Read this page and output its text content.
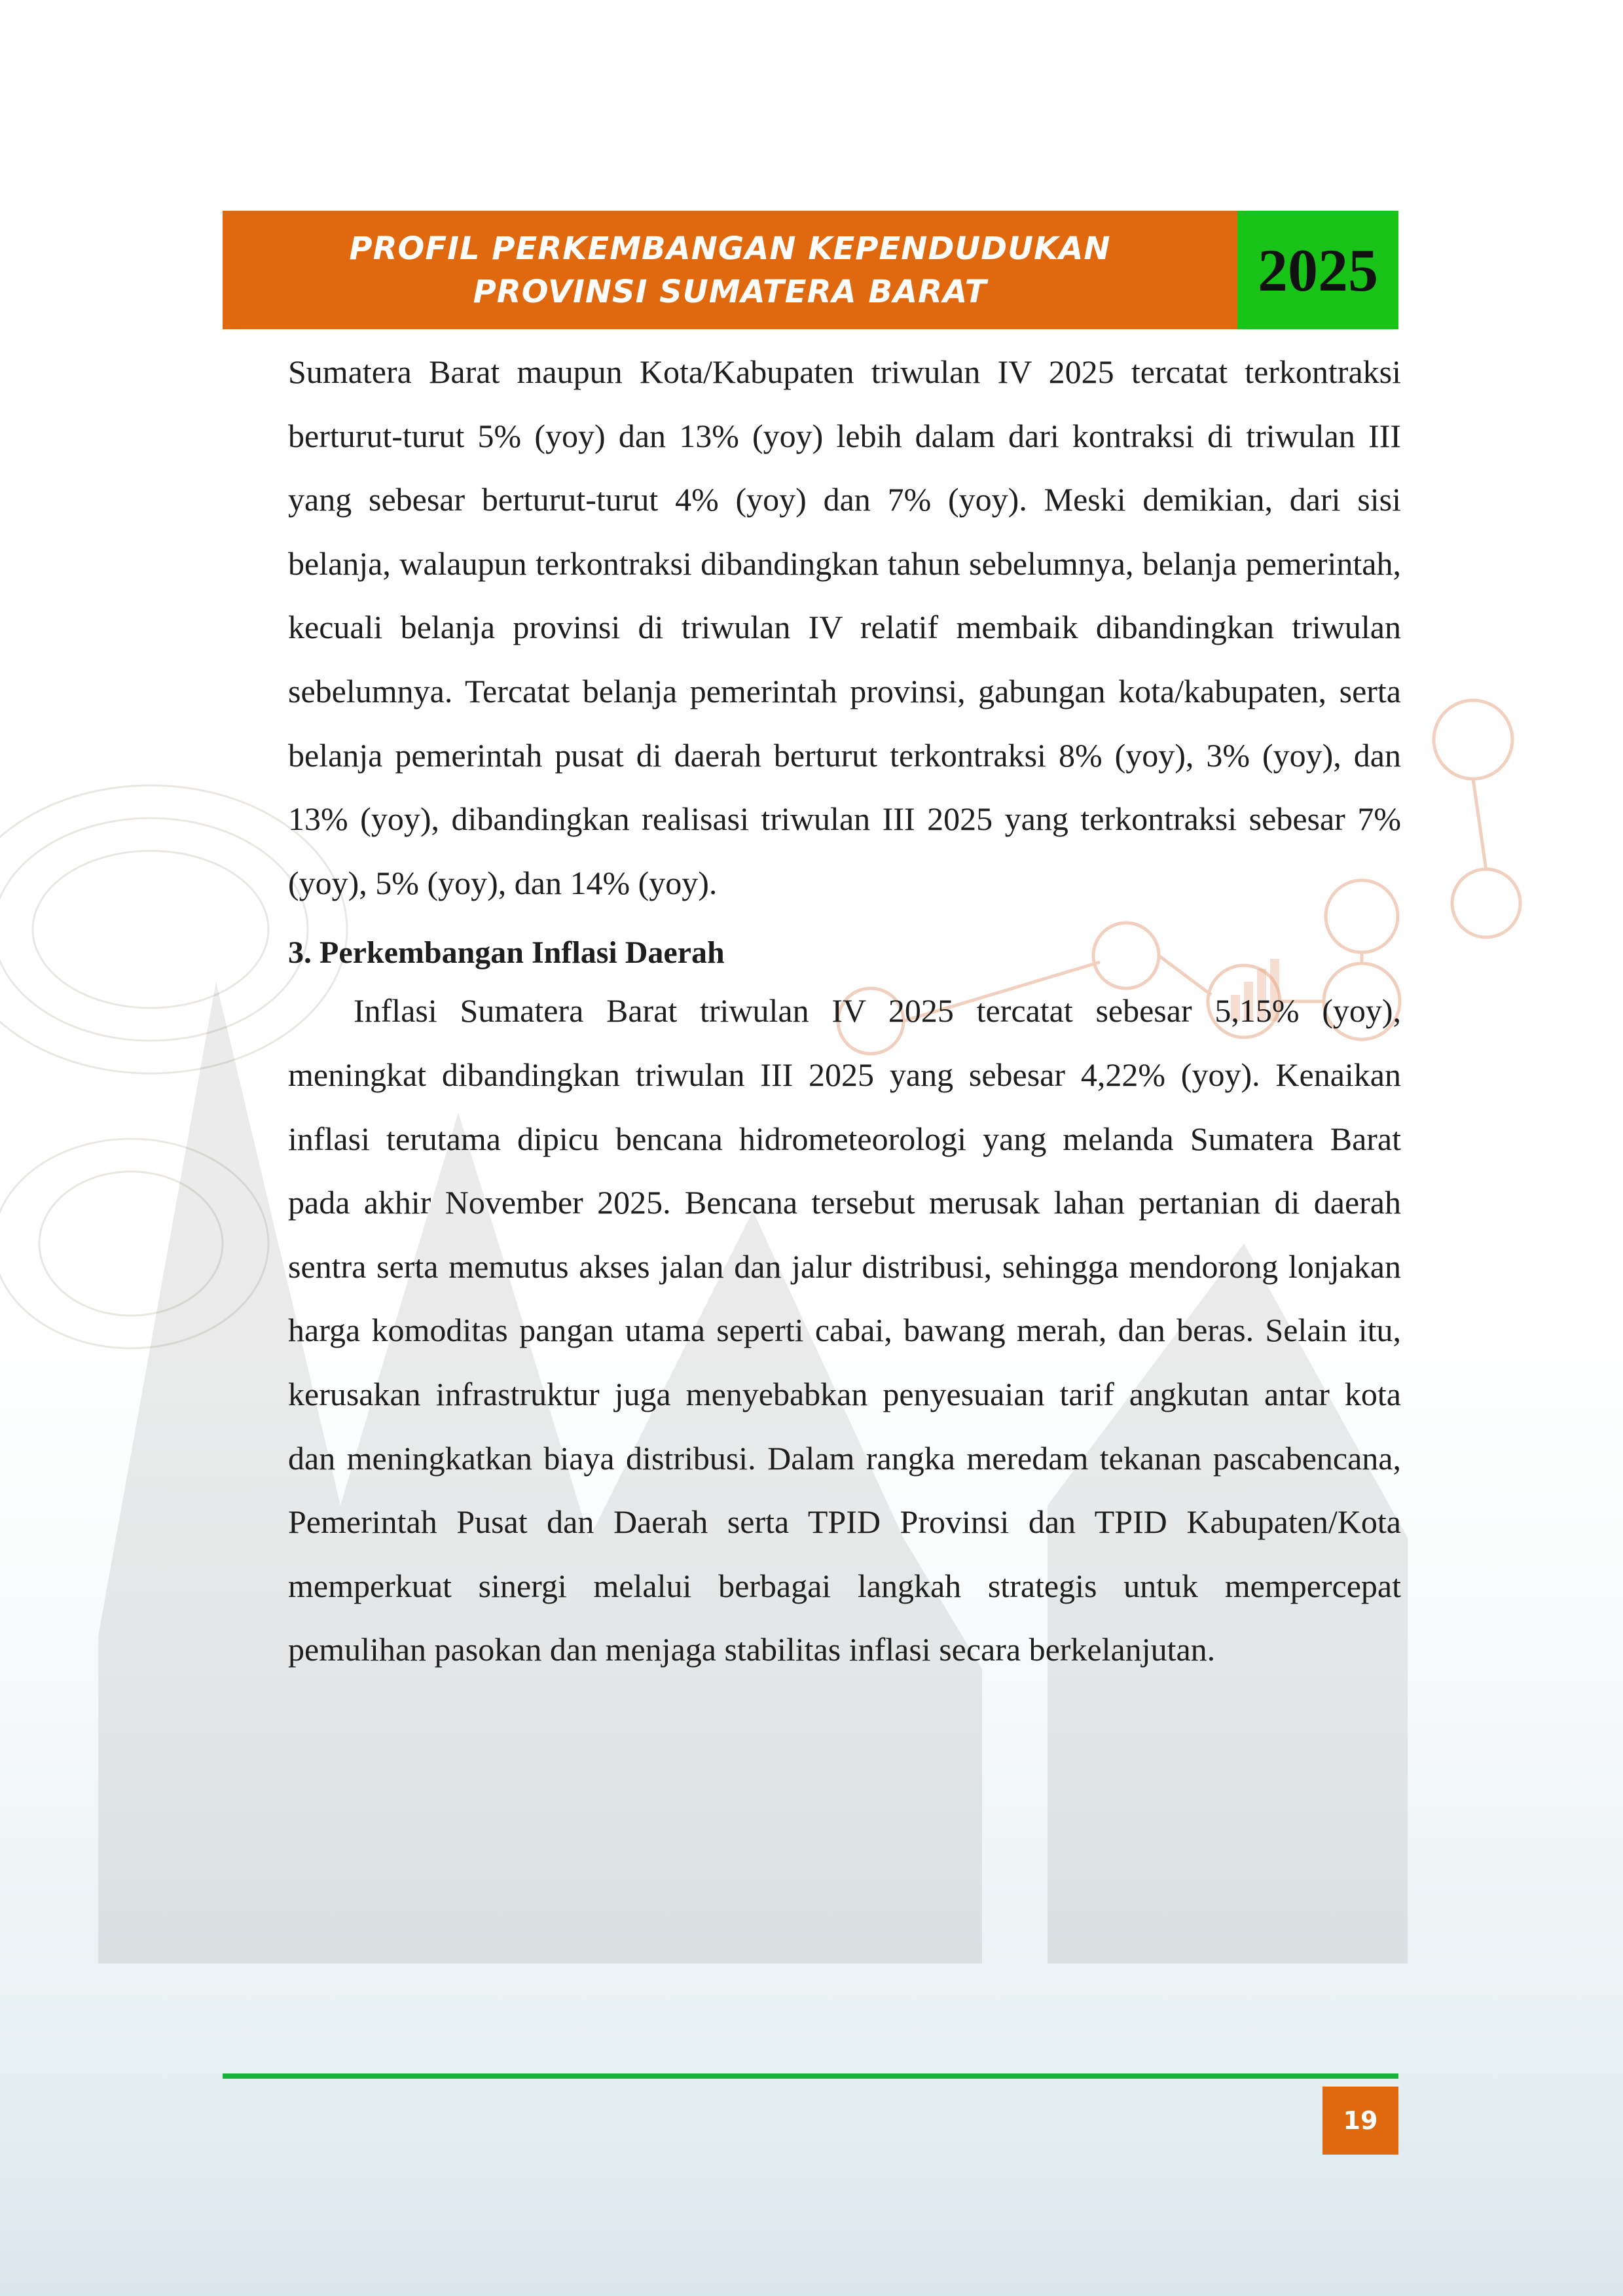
PROFIL PERKEMBANGAN KEPENDUDUKAN
PROVINSI SUMATERA BARAT	2025

Sumatera Barat maupun Kota/Kabupaten triwulan IV 2025 tercatat terkontraksi berturut-turut 5% (yoy) dan 13% (yoy) lebih dalam dari kontraksi di triwulan III yang sebesar berturut-turut 4% (yoy) dan 7% (yoy). Meski demikian, dari sisi belanja, walaupun terkontraksi dibandingkan tahun sebelumnya, belanja pemerintah, kecuali belanja provinsi di triwulan IV relatif membaik dibandingkan triwulan sebelumnya. Tercatat belanja pemerintah provinsi, gabungan kota/kabupaten, serta belanja pemerintah pusat di daerah berturut terkontraksi 8% (yoy), 3% (yoy), dan 13% (yoy), dibandingkan realisasi triwulan III 2025 yang terkontraksi sebesar 7% (yoy), 5% (yoy), dan 14% (yoy).

3. Perkembangan Inflasi Daerah

Inflasi Sumatera Barat triwulan IV 2025 tercatat sebesar 5,15% (yoy), meningkat dibandingkan triwulan III 2025 yang sebesar 4,22% (yoy). Kenaikan inflasi terutama dipicu bencana hidrometeorologi yang melanda Sumatera Barat pada akhir November 2025. Bencana tersebut merusak lahan pertanian di daerah sentra serta memutus akses jalan dan jalur distribusi, sehingga mendorong lonjakan harga komoditas pangan utama seperti cabai, bawang merah, dan beras. Selain itu, kerusakan infrastruktur juga menyebabkan penyesuaian tarif angkutan antar kota dan meningkatkan biaya distribusi. Dalam rangka meredam tekanan pascabencana, Pemerintah Pusat dan Daerah serta TPID Provinsi dan TPID Kabupaten/Kota memperkuat sinergi melalui berbagai langkah strategis untuk mempercepat pemulihan pasokan dan menjaga stabilitas inflasi secara berkelanjutan.

19
